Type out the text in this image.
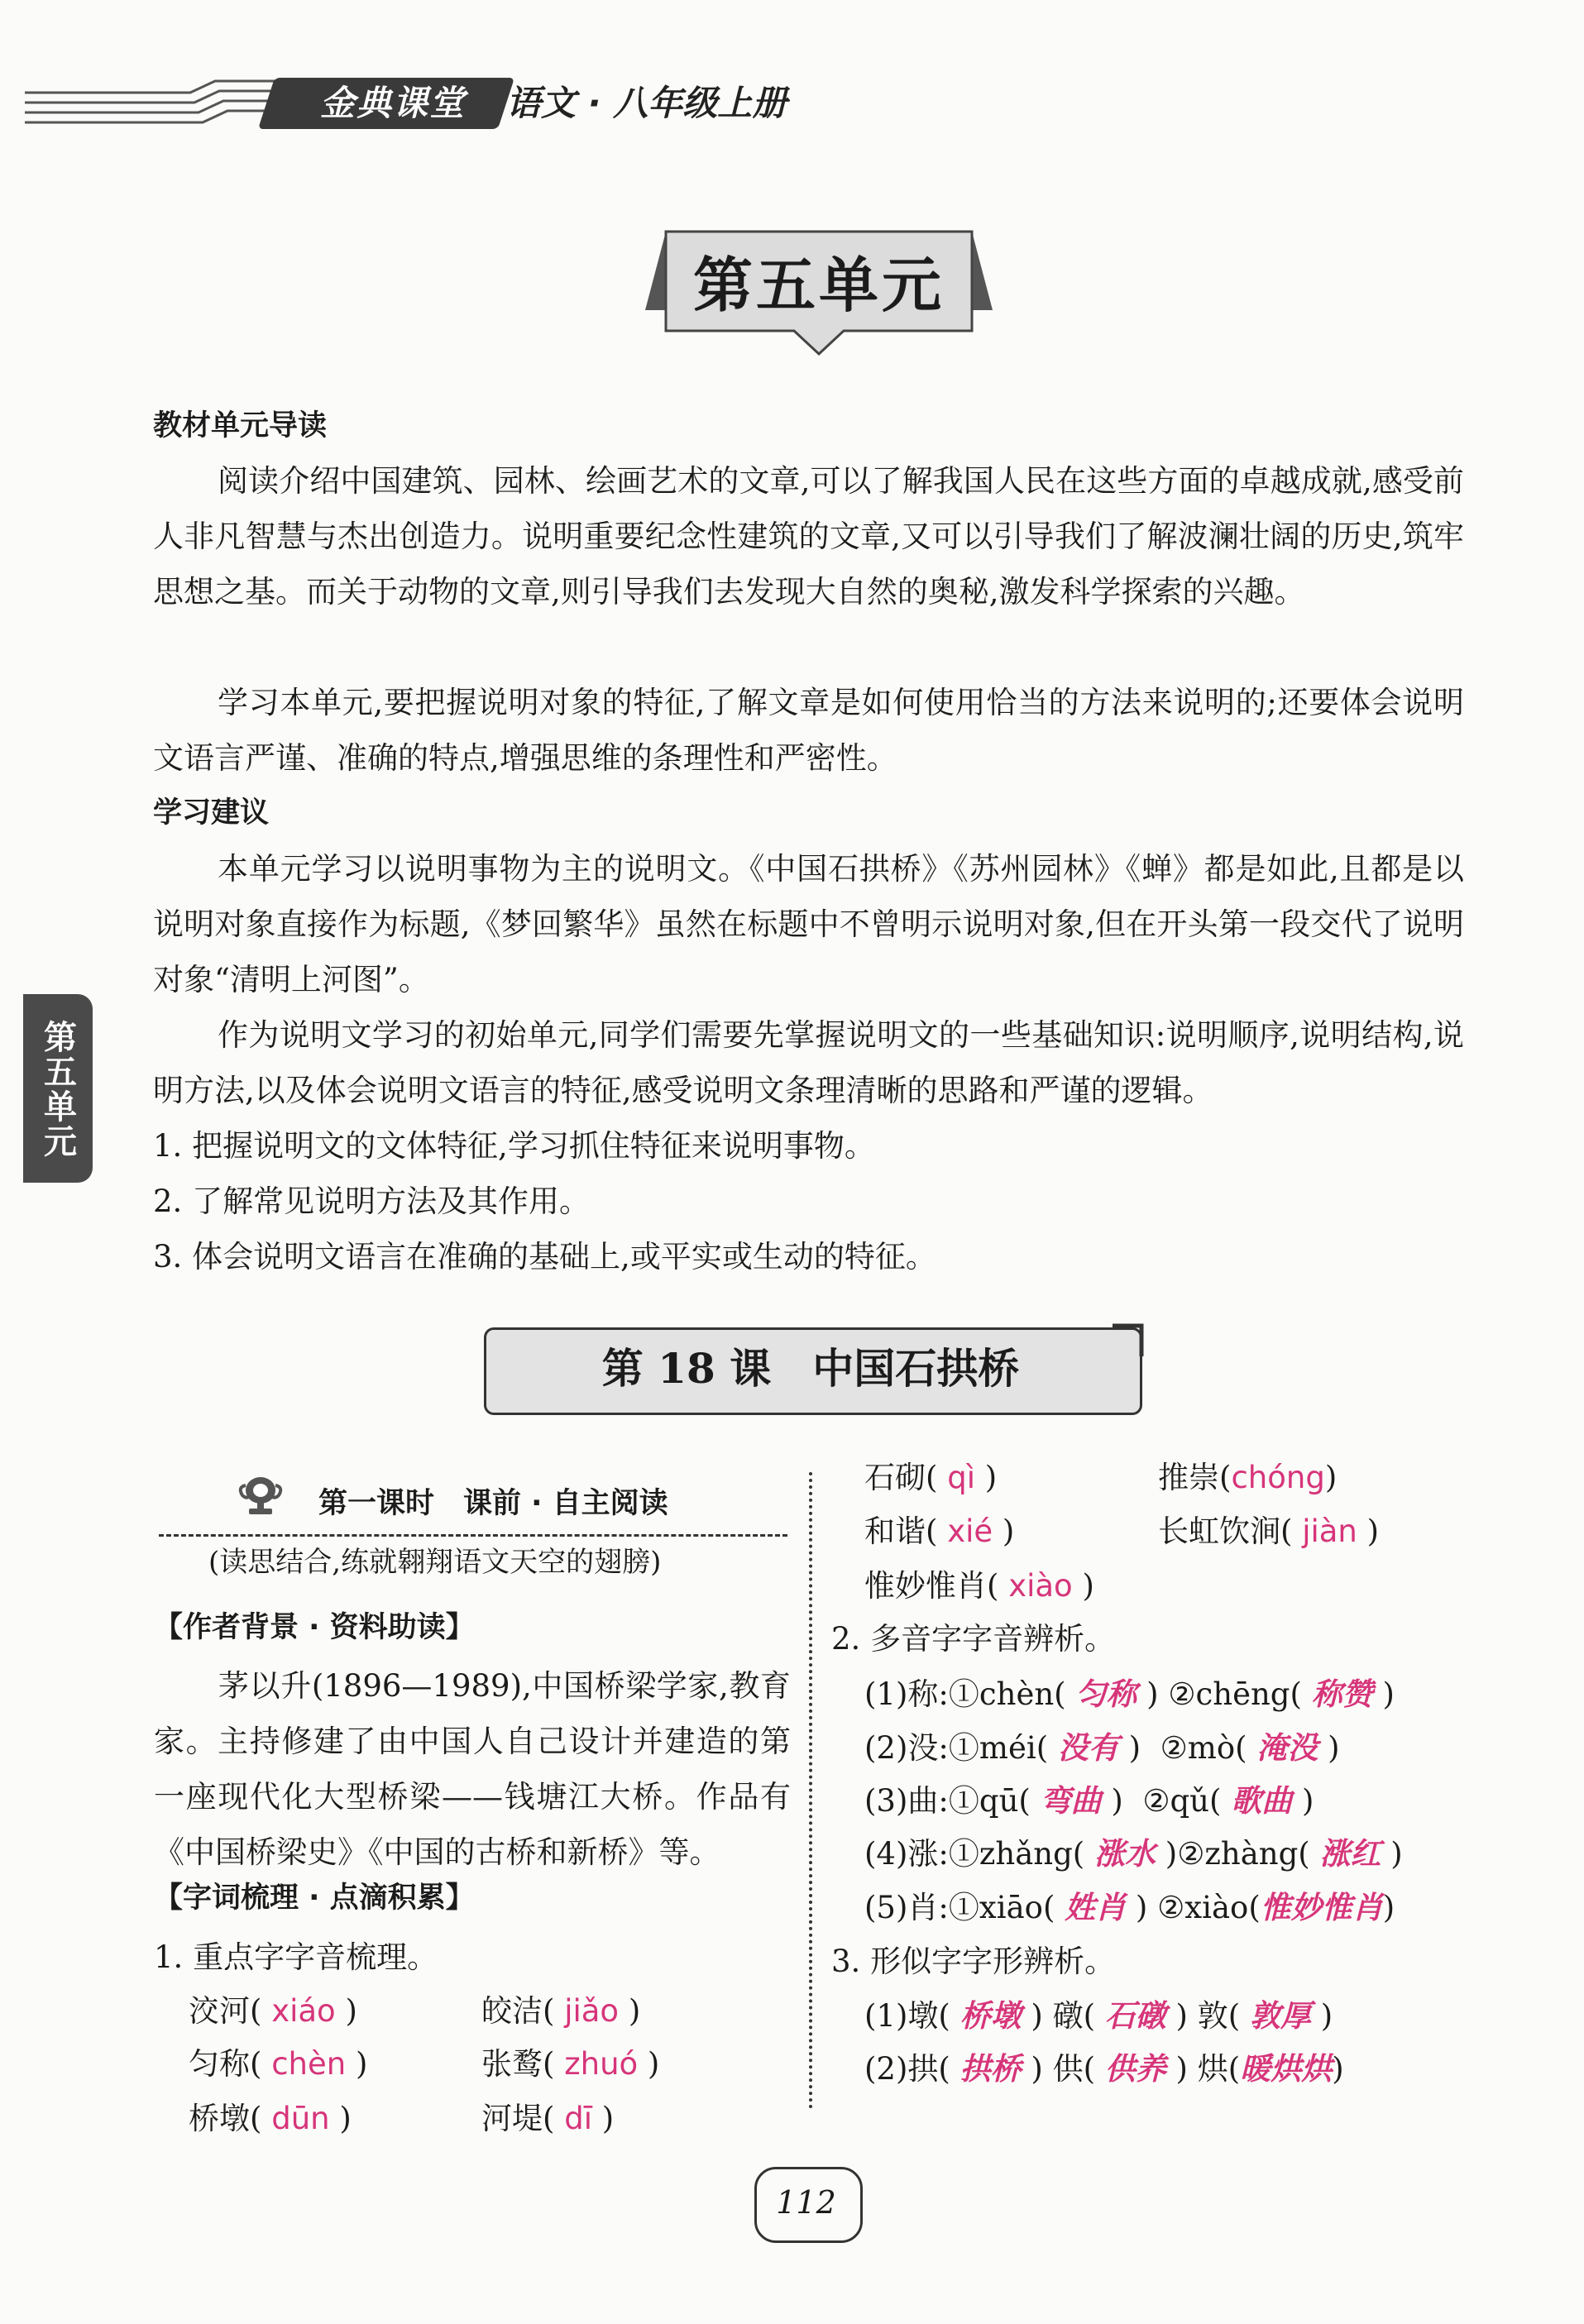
金典课堂	语文 · 八年级上册
第五单元
教材单元导读
阅读介绍中国建筑、园林、绘画艺术的文章,可以了解我国人民在这些方面的卓越成就,感受前人非凡智慧与杰出创造力。说明重要纪念性建筑的文章,又可以引导我们了解波澜壮阔的历史,筑牢思想之基。而关于动物的文章,则引导我们去发现大自然的奥秘,激发科学探索的兴趣。
学习本单元,要把握说明对象的特征,了解文章是如何使用恰当的方法来说明的;还要体会说明文语言严谨、准确的特点,增强思维的条理性和严密性。
学习建议
本单元学习以说明事物为主的说明文。《中国石拱桥》《苏州园林》《蝉》都是如此,且都是以说明对象直接作为标题,《梦回繁华》虽然在标题中不曾明示说明对象,但在开头第一段交代了说明对象“清明上河图”。
作为说明文学习的初始单元,同学们需要先掌握说明文的一些基础知识:说明顺序,说明结构,说明方法,以及体会说明文语言的特征,感受说明文条理清晰的思路和严谨的逻辑。
1. 把握说明文的文体特征,学习抓住特征来说明事物。
2. 了解常见说明方法及其作用。
3. 体会说明文语言在准确的基础上,或平实或生动的特征。
第五单元
第 18 课　中国石拱桥
第一课时　课前 · 自主阅读
(读思结合,练就翱翔语文天空的翅膀)
【作者背景 · 资料助读】
茅以升(1896—1989),中国桥梁学家,教育家。主持修建了由中国人自己设计并建造的第一座现代化大型桥梁——钱塘江大桥。作品有《中国桥梁史》《中国的古桥和新桥》等。
【字词梳理 · 点滴积累】
1. 重点字字音梳理。
洨河( xiáo )	皎洁( jiǎo )
匀称( chèn )	张鹜( zhuó )
桥墩( dūn )	河堤( dī )
石砌( qì )	推崇(chóng)
和谐( xié )	长虹饮涧( jiàn )
惟妙惟肖( xiào )
2. 多音字字音辨析。
(1)称:①chèn( 匀称 ) ②chēng( 称赞 )
(2)没:①méi( 没有 )  ②mò( 淹没 )
(3)曲:①qū( 弯曲 )  ②qǔ( 歌曲 )
(4)涨:①zhǎng( 涨水 )②zhàng( 涨红 )
(5)肖:①xiāo( 姓肖 ) ②xiào(惟妙惟肖)
3. 形似字字形辨析。
(1)墩( 桥墩 ) 礅( 石礅 ) 敦( 敦厚 )
(2)拱( 拱桥 ) 供( 供养 ) 烘(暖烘烘)
112
